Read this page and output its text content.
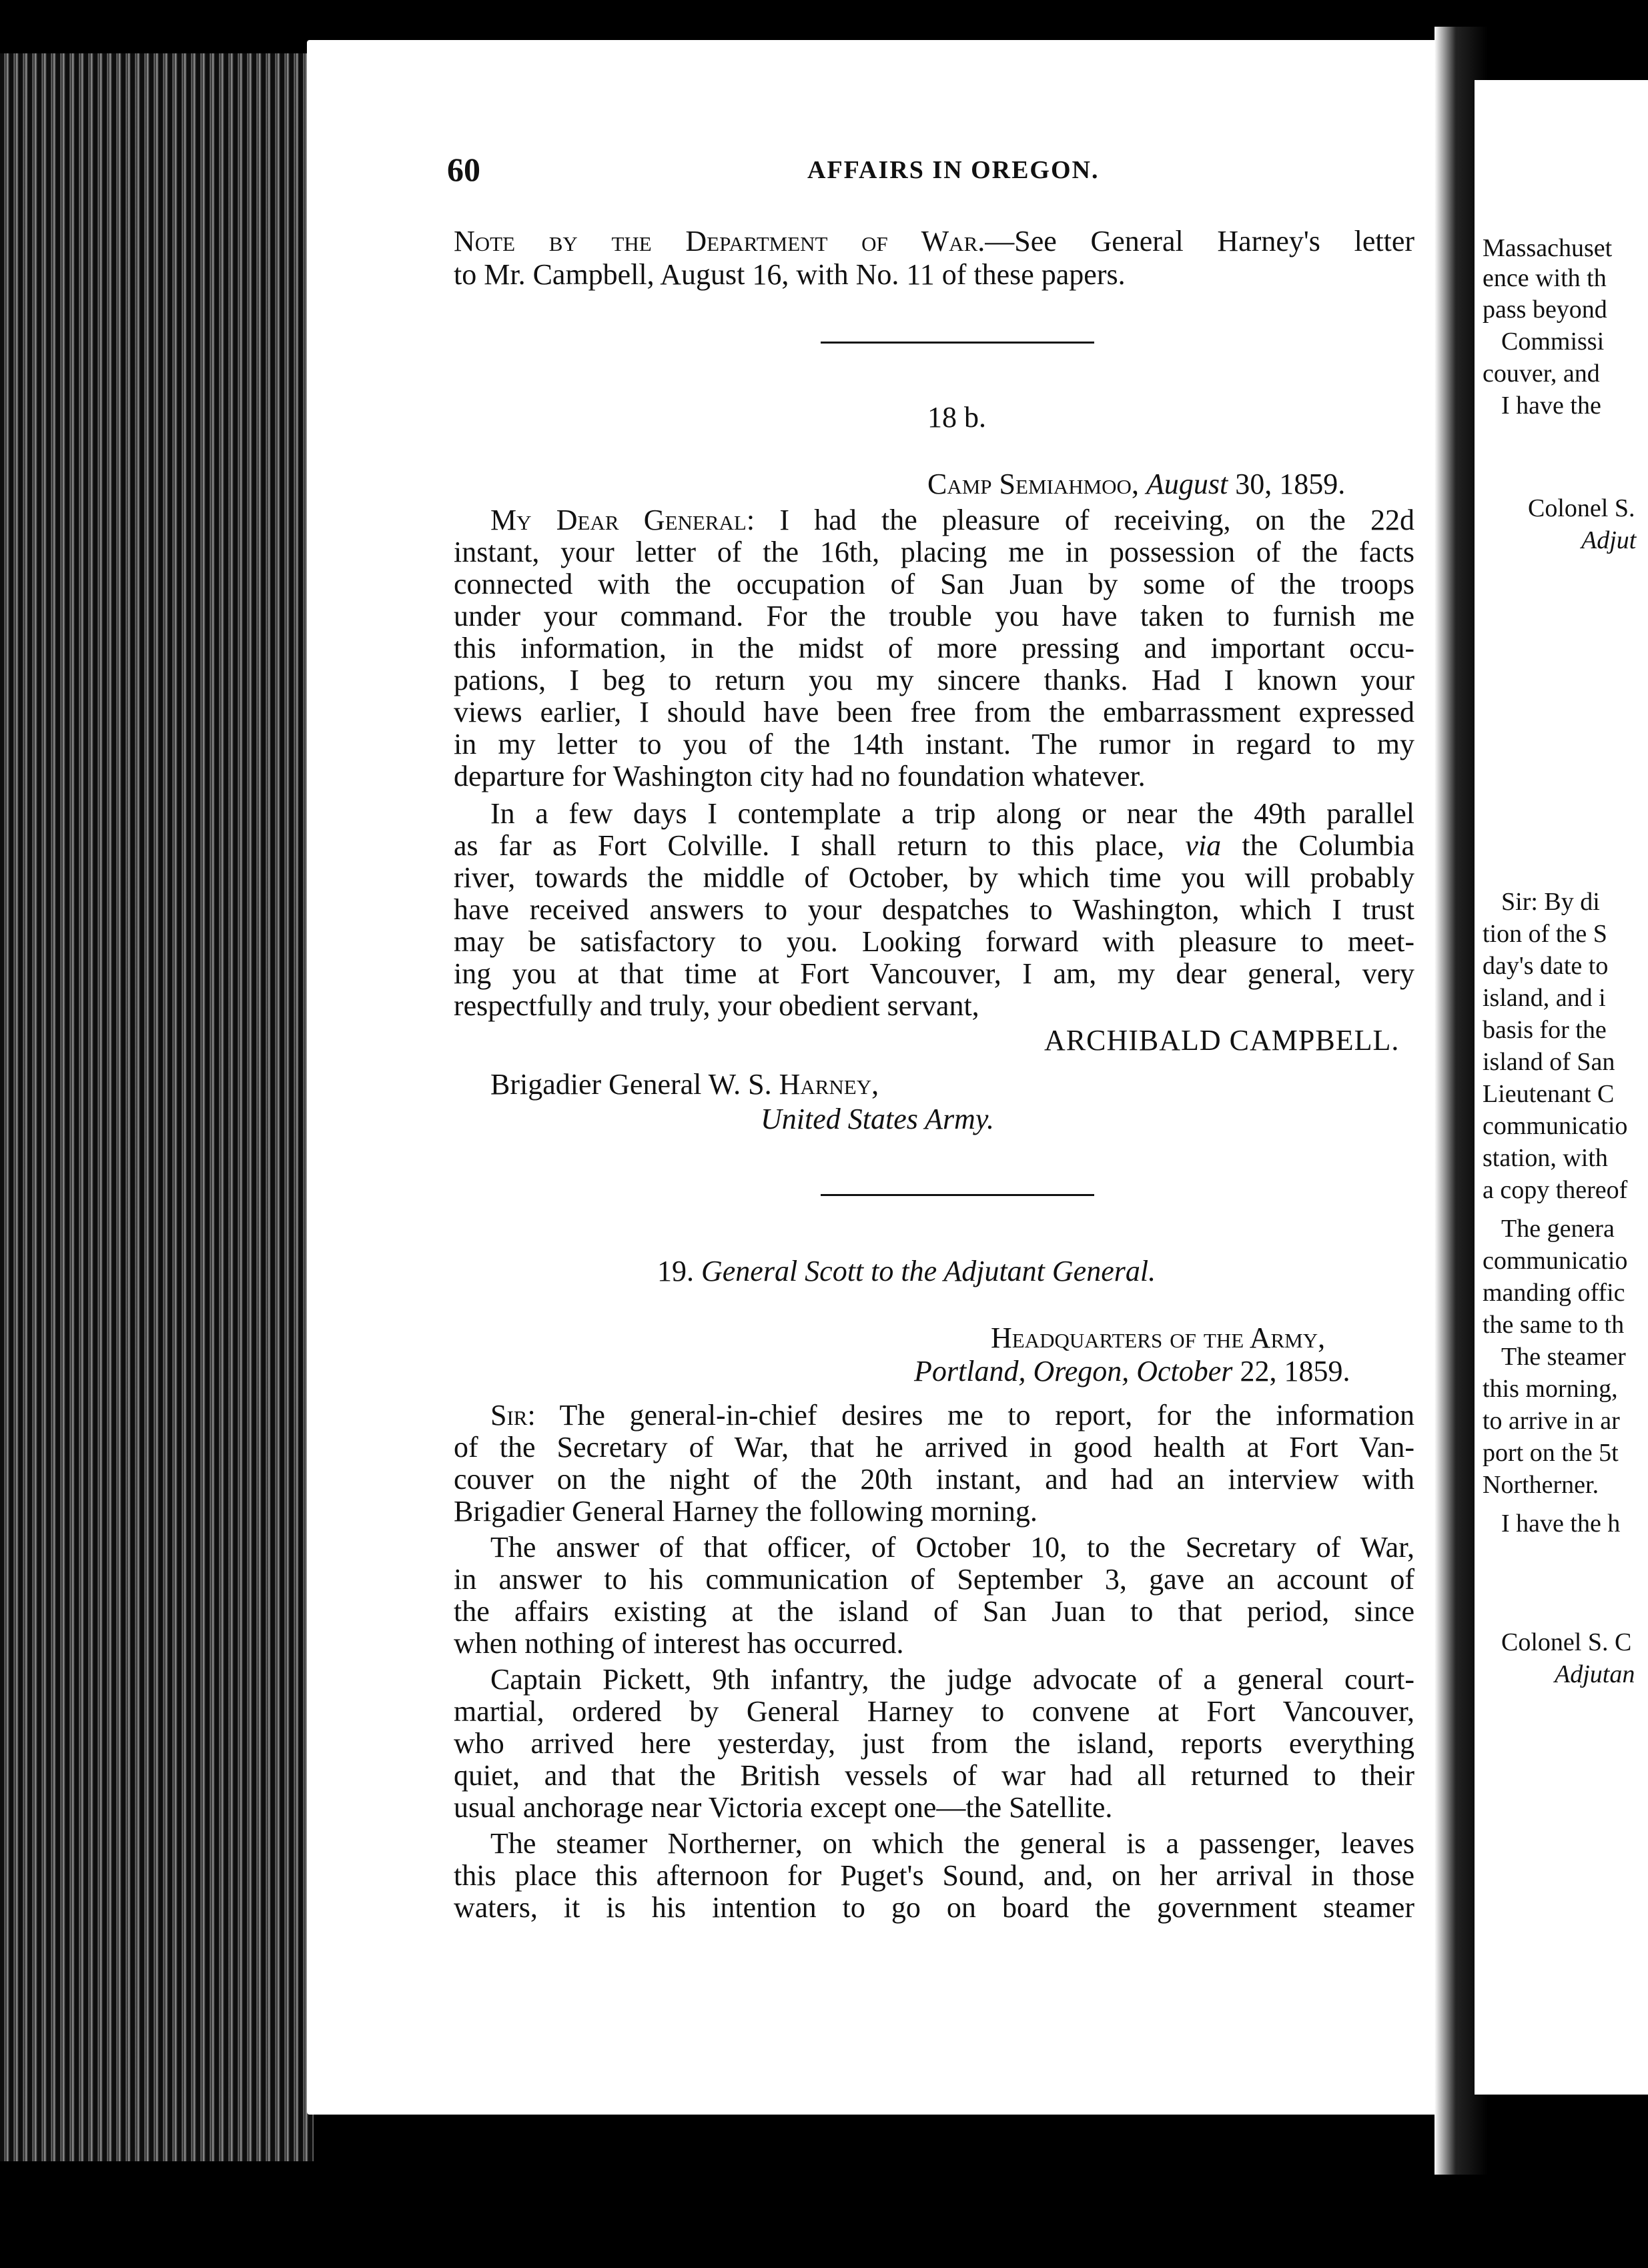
Massachuset
ence with th
pass beyond
Commissi
couver, and
I have the
Colonel S.
Adjut
Sir: By di
tion of the S
day's date to
island, and i
basis for the
island of San
Lieutenant C
communicatio
station, with
a copy thereof
The genera
communicatio
manding offic
the same to th
The steamer
this morning,
to arrive in ar
port on the 5t
Northerner.
I have the h
Colonel S. C
Adjutan
60	AFFAIRS IN OREGON.
Note by the Department of War.—See General Harney's letter
to Mr. Campbell, August 16, with No. 11 of these papers.
18 b.
Camp Semiahmoo, August 30, 1859.
My Dear General: I had the pleasure of receiving, on the 22d
instant, your letter of the 16th, placing me in possession of the facts
connected with the occupation of San Juan by some of the troops
under your command. For the trouble you have taken to furnish me
this information, in the midst of more pressing and important occu-
pations, I beg to return you my sincere thanks. Had I known your
views earlier, I should have been free from the embarrassment expressed
in my letter to you of the 14th instant. The rumor in regard to my
departure for Washington city had no foundation whatever.
In a few days I contemplate a trip along or near the 49th parallel
as far as Fort Colville. I shall return to this place, via the Columbia
river, towards the middle of October, by which time you will probably
have received answers to your despatches to Washington, which I trust
may be satisfactory to you. Looking forward with pleasure to meet-
ing you at that time at Fort Vancouver, I am, my dear general, very
respectfully and truly, your obedient servant,
ARCHIBALD CAMPBELL.
Brigadier General W. S. Harney,
United States Army.
19. General Scott to the Adjutant General.
Headquarters of the Army,
Portland, Oregon, October 22, 1859.
Sir: The general-in-chief desires me to report, for the information
of the Secretary of War, that he arrived in good health at Fort Van-
couver on the night of the 20th instant, and had an interview with
Brigadier General Harney the following morning.
The answer of that officer, of October 10, to the Secretary of War,
in answer to his communication of September 3, gave an account of
the affairs existing at the island of San Juan to that period, since
when nothing of interest has occurred.
Captain Pickett, 9th infantry, the judge advocate of a general court-
martial, ordered by General Harney to convene at Fort Vancouver,
who arrived here yesterday, just from the island, reports everything
quiet, and that the British vessels of war had all returned to their
usual anchorage near Victoria except one—the Satellite.
The steamer Northerner, on which the general is a passenger, leaves
this place this afternoon for Puget's Sound, and, on her arrival in those
waters, it is his intention to go on board the government steamer
